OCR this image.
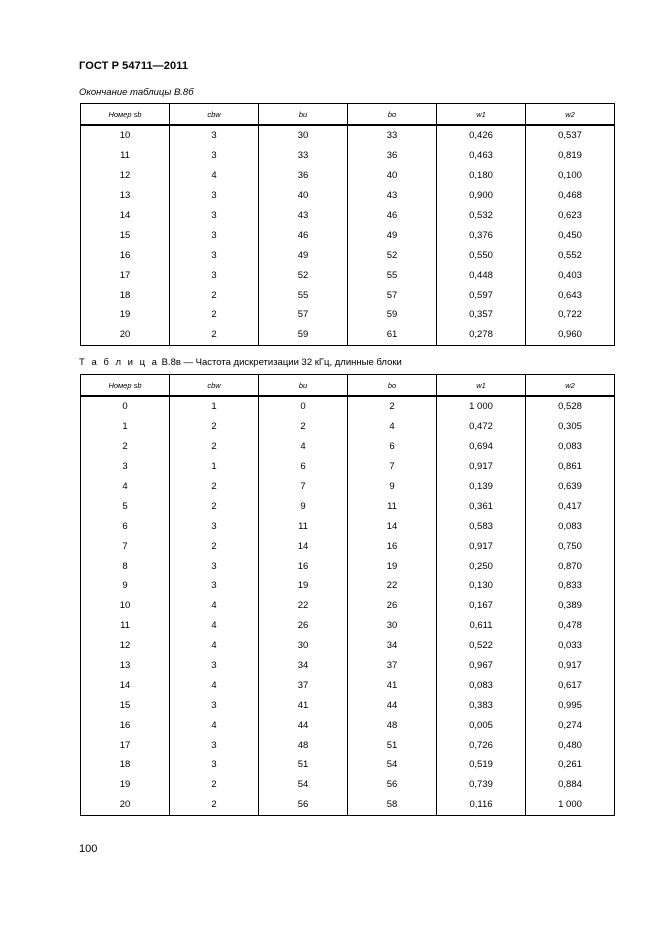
ГОСТ Р 54711—2011
Окончание таблицы В.8б
Номер sb	cbw	bu	bo	w1	w2
10	3	30	33	0,426	0,537
11	3	33	36	0,463	0,819
12	4	36	40	0,180	0,100
13	3	40	43	0,900	0,468
14	3	43	46	0,532	0,623
15	3	46	49	0,376	0,450
16	3	49	52	0,550	0,552
17	3	52	55	0,448	0,403
18	2	55	57	0,597	0,643
19	2	57	59	0,357	0,722
20	2	59	61	0,278	0,960
Т а б л и ц а В.8в — Частота дискретизации 32 кГц, длинные блоки
Номер sb	cbw	bu	bo	w1	w2
0	1	0	2	1 000	0,528
1	2	2	4	0,472	0,305
2	2	4	6	0,694	0,083
3	1	6	7	0,917	0,861
4	2	7	9	0,139	0,639
5	2	9	11	0,361	0,417
6	3	11	14	0,583	0,083
7	2	14	16	0,917	0,750
8	3	16	19	0,250	0,870
9	3	19	22	0,130	0,833
10	4	22	26	0,167	0,389
11	4	26	30	0,611	0,478
12	4	30	34	0,522	0,033
13	3	34	37	0,967	0,917
14	4	37	41	0,083	0,617
15	3	41	44	0,383	0,995
16	4	44	48	0,005	0,274
17	3	48	51	0,726	0,480
18	3	51	54	0,519	0,261
19	2	54	56	0,739	0,884
20	2	56	58	0,116	1 000
100
